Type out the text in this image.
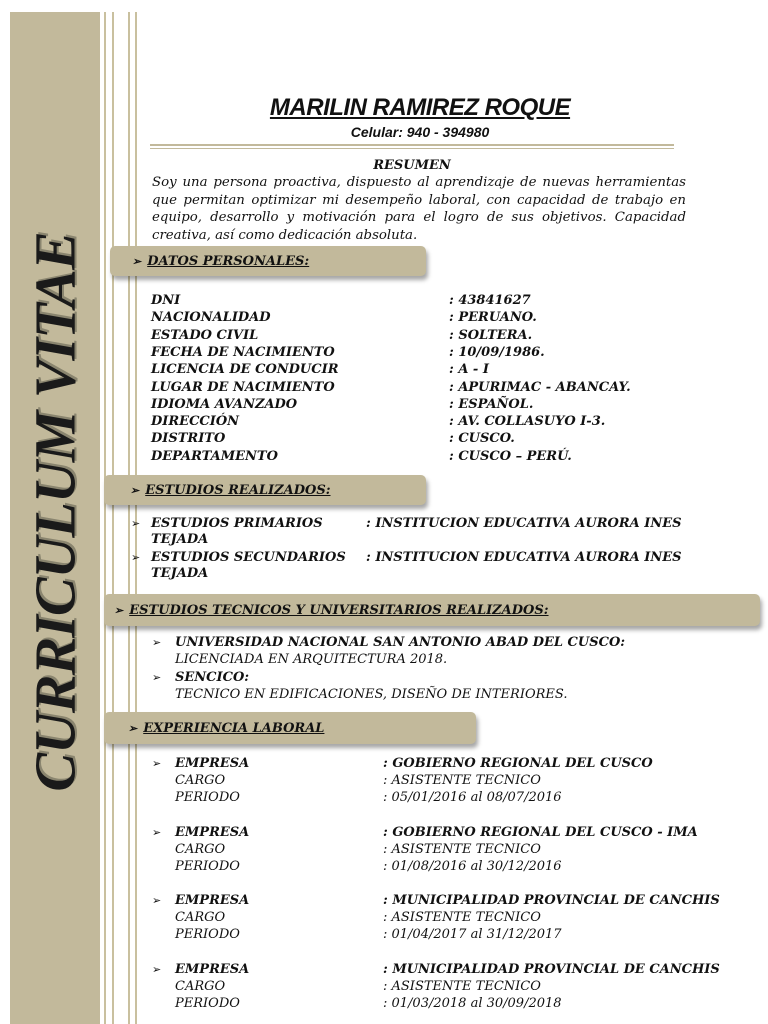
CURRICULUM VITAE
MARILIN RAMIREZ ROQUE
Celular: 940 - 394980
RESUMEN
Soy una persona proactiva, dispuesto al aprendizaje de nuevas herramientas que permitan optimizar mi desempeño laboral, con capacidad de trabajo en equipo, desarrollo y motivación para el logro de sus objetivos. Capacidad creativa, así como dedicación absoluta.
➢ DATOS PERSONALES:
DNI	: 43841627
NACIONALIDAD	: PERUANO.
ESTADO CIVIL	: SOLTERA.
FECHA DE NACIMIENTO	: 10/09/1986.
LICENCIA DE CONDUCIR	: A - I
LUGAR DE NACIMIENTO	: APURIMAC - ABANCAY.
IDIOMA AVANZADO	: ESPAÑOL.
DIRECCIÓN	: AV. COLLASUYO I-3.
DISTRITO	: CUSCO.
DEPARTAMENTO	: CUSCO – PERÚ.
➢ ESTUDIOS REALIZADOS:
➢ ESTUDIOS PRIMARIOS	: INSTITUCION EDUCATIVA AURORA INES
TEJADA
➢ ESTUDIOS SECUNDARIOS : INSTITUCION EDUCATIVA AURORA INES
TEJADA
➢ ESTUDIOS TECNICOS Y UNIVERSITARIOS REALIZADOS:
➢ UNIVERSIDAD NACIONAL SAN ANTONIO ABAD DEL CUSCO:
LICENCIADA EN ARQUITECTURA 2018.
➢ SENCICO:
TECNICO EN EDIFICACIONES, DISEÑO DE INTERIORES.
➢ EXPERIENCIA LABORAL
➢ EMPRESA	: GOBIERNO REGIONAL DEL CUSCO
CARGO	: ASISTENTE TECNICO
PERIODO	: 05/01/2016 al 08/07/2016
➢ EMPRESA	: GOBIERNO REGIONAL DEL CUSCO - IMA
CARGO	: ASISTENTE TECNICO
PERIODO	: 01/08/2016 al 30/12/2016
➢ EMPRESA	: MUNICIPALIDAD PROVINCIAL DE CANCHIS
CARGO	: ASISTENTE TECNICO
PERIODO	: 01/04/2017 al 31/12/2017
➢ EMPRESA	: MUNICIPALIDAD PROVINCIAL DE CANCHIS
CARGO	: ASISTENTE TECNICO
PERIODO	: 01/03/2018 al 30/09/2018
